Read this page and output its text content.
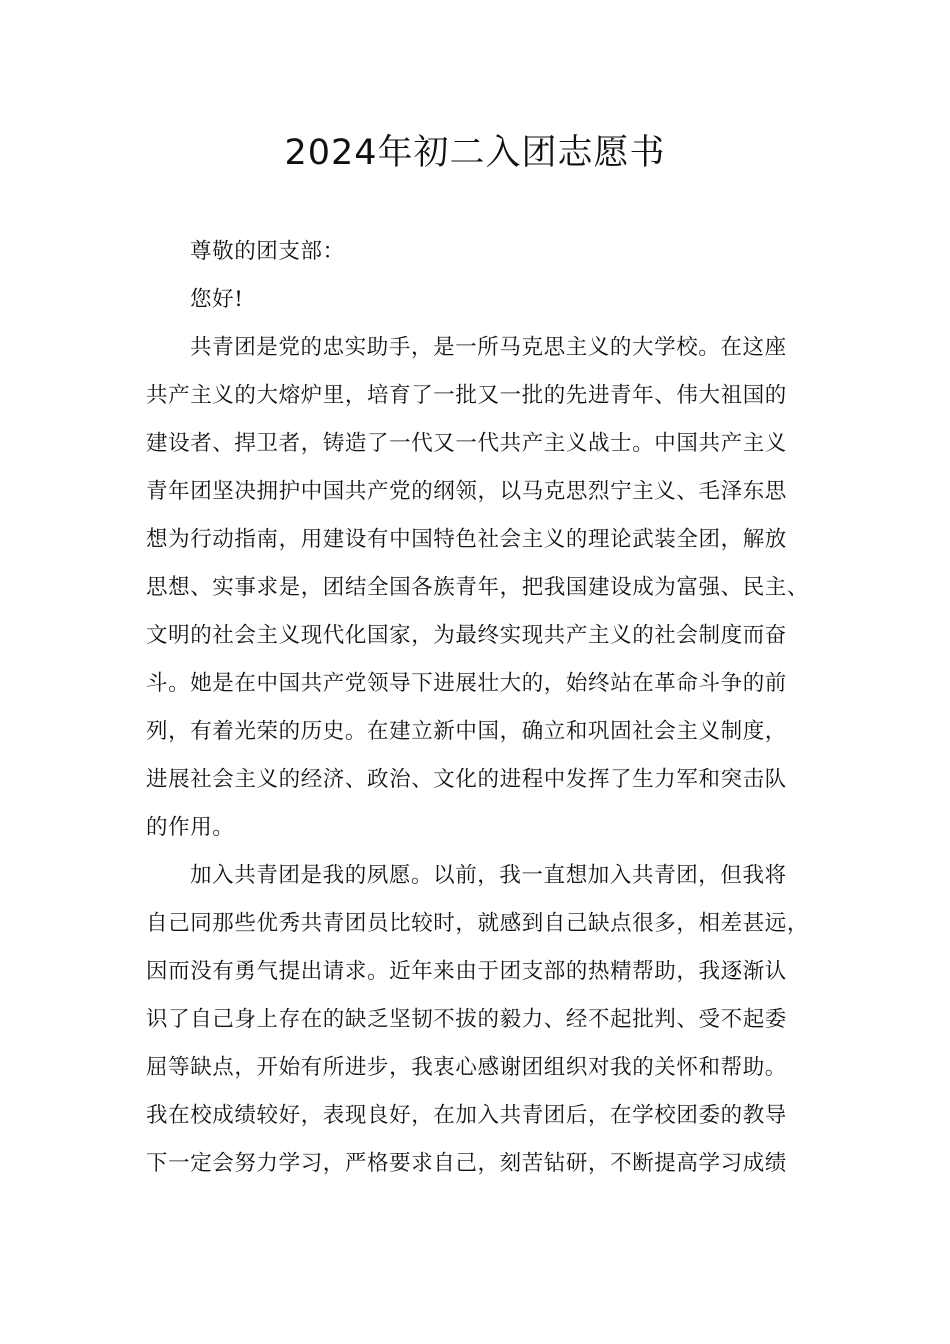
2024年初二入团志愿书
尊敬的团支部：
您好!
共青团是党的忠实助手，是一所马克思主义的大学校。在这座
共产主义的大熔炉里，培育了一批又一批的先进青年、伟大祖国的
建设者、捍卫者，铸造了一代又一代共产主义战士。中国共产主义
青年团坚决拥护中国共产党的纲领，以马克思烈宁主义、毛泽东思
想为行动指南，用建设有中国特色社会主义的理论武装全团，解放
思想、实事求是，团结全国各族青年，把我国建设成为富强、民主、
文明的社会主义现代化国家，为最终实现共产主义的社会制度而奋
斗。她是在中国共产党领导下进展壮大的，始终站在革命斗争的前
列，有着光荣的历史。在建立新中国，确立和巩固社会主义制度，
进展社会主义的经济、政治、文化的进程中发挥了生力军和突击队
的作用。
加入共青团是我的夙愿。以前，我一直想加入共青团，但我将
自己同那些优秀共青团员比较时，就感到自己缺点很多，相差甚远，
因而没有勇气提出请求。近年来由于团支部的热精帮助，我逐渐认
识了自己身上存在的缺乏坚韧不拔的毅力、经不起批判、受不起委
屈等缺点，开始有所进步，我衷心感谢团组织对我的关怀和帮助。
我在校成绩较好，表现良好，在加入共青团后，在学校团委的教导
下一定会努力学习，严格要求自己，刻苦钻研，不断提高学习成绩
